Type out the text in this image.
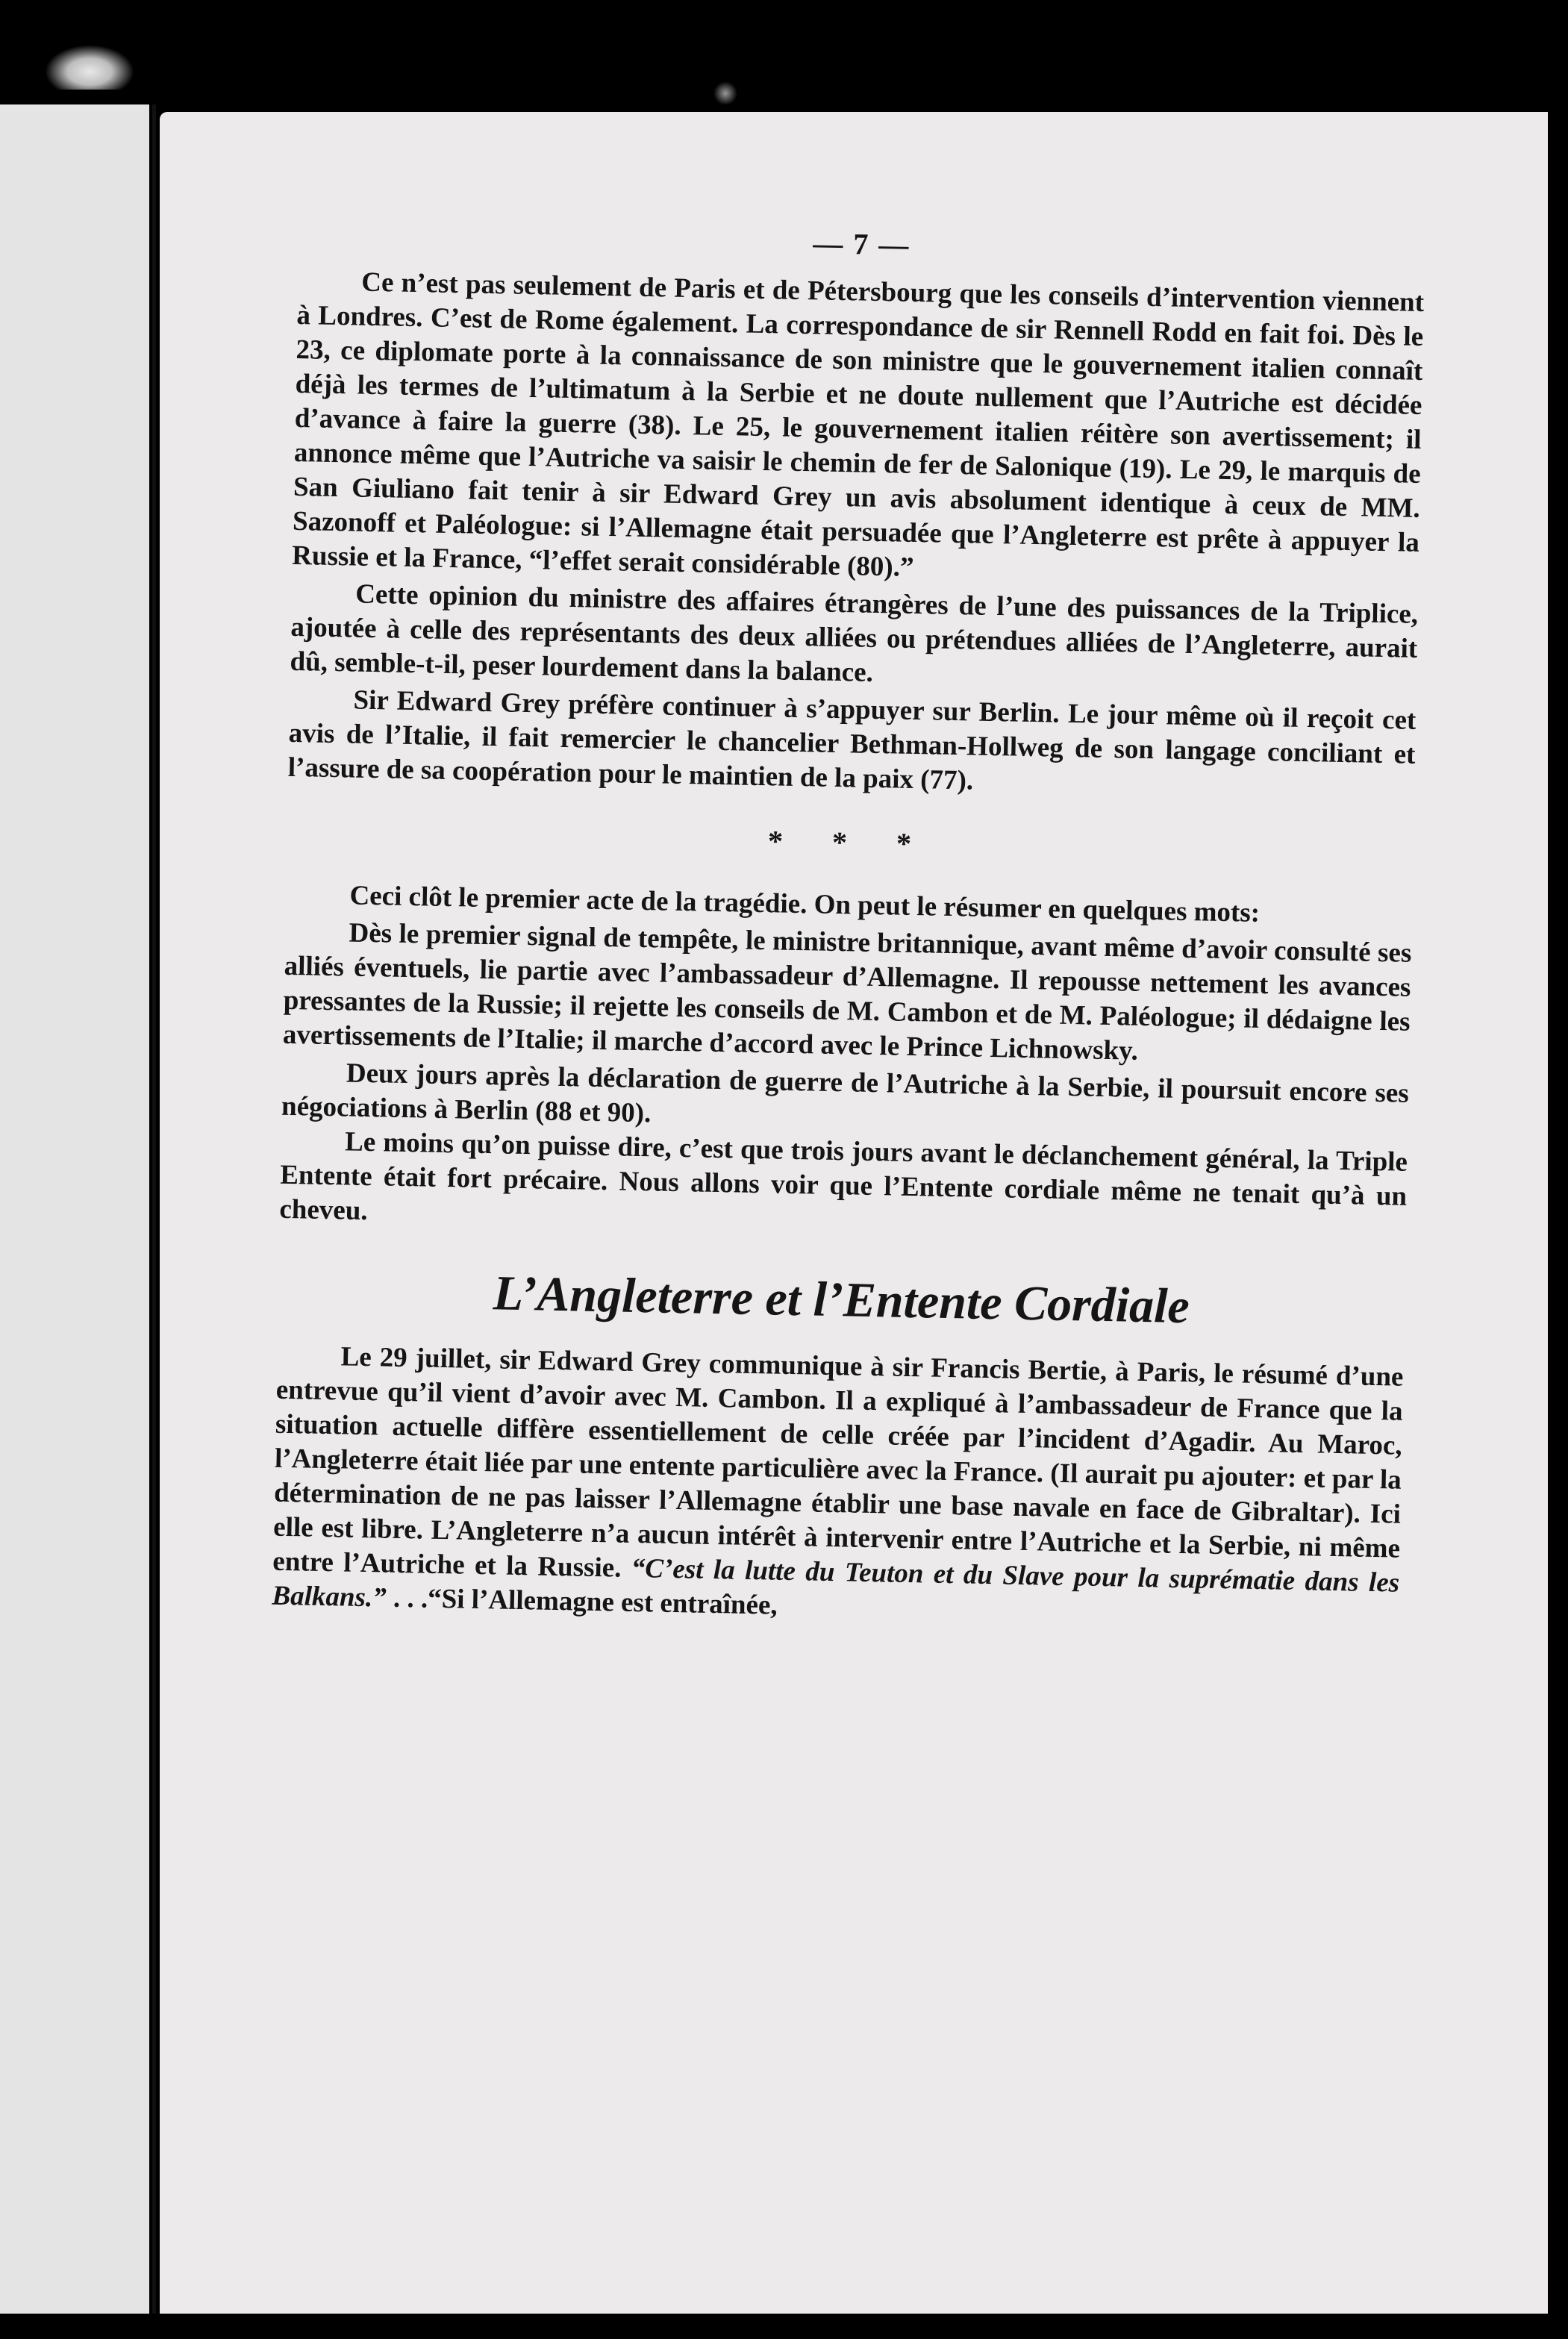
— 7 —

Ce n’est pas seulement de Paris et de Pétersbourg que les conseils d’intervention viennent à Londres. C’est de Rome également. La correspondance de sir Rennell Rodd en fait foi. Dès le 23, ce diplomate porte à la connaissance de son ministre que le gouvernement italien connaît déjà les termes de l’ultimatum à la Serbie et ne doute nullement que l’Autriche est décidée d’avance à faire la guerre (38). Le 25, le gouvernement italien réitère son avertissement; il annonce même que l’Autriche va saisir le chemin de fer de Salonique (19). Le 29, le marquis de San Giuliano fait tenir à sir Edward Grey un avis absolument identique à ceux de MM. Sazonoff et Paléologue: si l’Allemagne était persuadée que l’Angleterre est prête à appuyer la Russie et la France, “l’effet serait considérable (80).”

Cette opinion du ministre des affaires étrangères de l’une des puissances de la Triplice, ajoutée à celle des représentants des deux alliées ou prétendues alliées de l’Angleterre, aurait dû, semble-t-il, peser lourdement dans la balance.

Sir Edward Grey préfère continuer à s’appuyer sur Berlin. Le jour même où il reçoit cet avis de l’Italie, il fait remercier le chancelier Bethman-Hollweg de son langage conciliant et l’assure de sa coopération pour le maintien de la paix (77).

* * *

Ceci clôt le premier acte de la tragédie. On peut le résumer en quelques mots:

Dès le premier signal de tempête, le ministre britannique, avant même d’avoir consulté ses alliés éventuels, lie partie avec l’ambassadeur d’Allemagne. Il repousse nettement les avances pressantes de la Russie; il rejette les conseils de M. Cambon et de M. Paléologue; il dédaigne les avertissements de l’Italie; il marche d’accord avec le Prince Lichnowsky.

Deux jours après la déclaration de guerre de l’Autriche à la Serbie, il poursuit encore ses négociations à Berlin (88 et 90).

Le moins qu’on puisse dire, c’est que trois jours avant le déclanchement général, la Triple Entente était fort précaire. Nous allons voir que l’Entente cordiale même ne tenait qu’à un cheveu.

L’Angleterre et l’Entente Cordiale

Le 29 juillet, sir Edward Grey communique à sir Francis Bertie, à Paris, le résumé d’une entrevue qu’il vient d’avoir avec M. Cambon. Il a expliqué à l’ambassadeur de France que la situation actuelle diffère essentiellement de celle créée par l’incident d’Agadir. Au Maroc, l’Angleterre était liée par une entente particulière avec la France. (Il aurait pu ajouter: et par la détermination de ne pas laisser l’Allemagne établir une base navale en face de Gibraltar). Ici elle est libre. L’Angleterre n’a aucun intérêt à intervenir entre l’Autriche et la Serbie, ni même entre l’Autriche et la Russie. “C’est la lutte du Teuton et du Slave pour la suprématie dans les Balkans.” . . .“Si l’Allemagne est entraînée,
